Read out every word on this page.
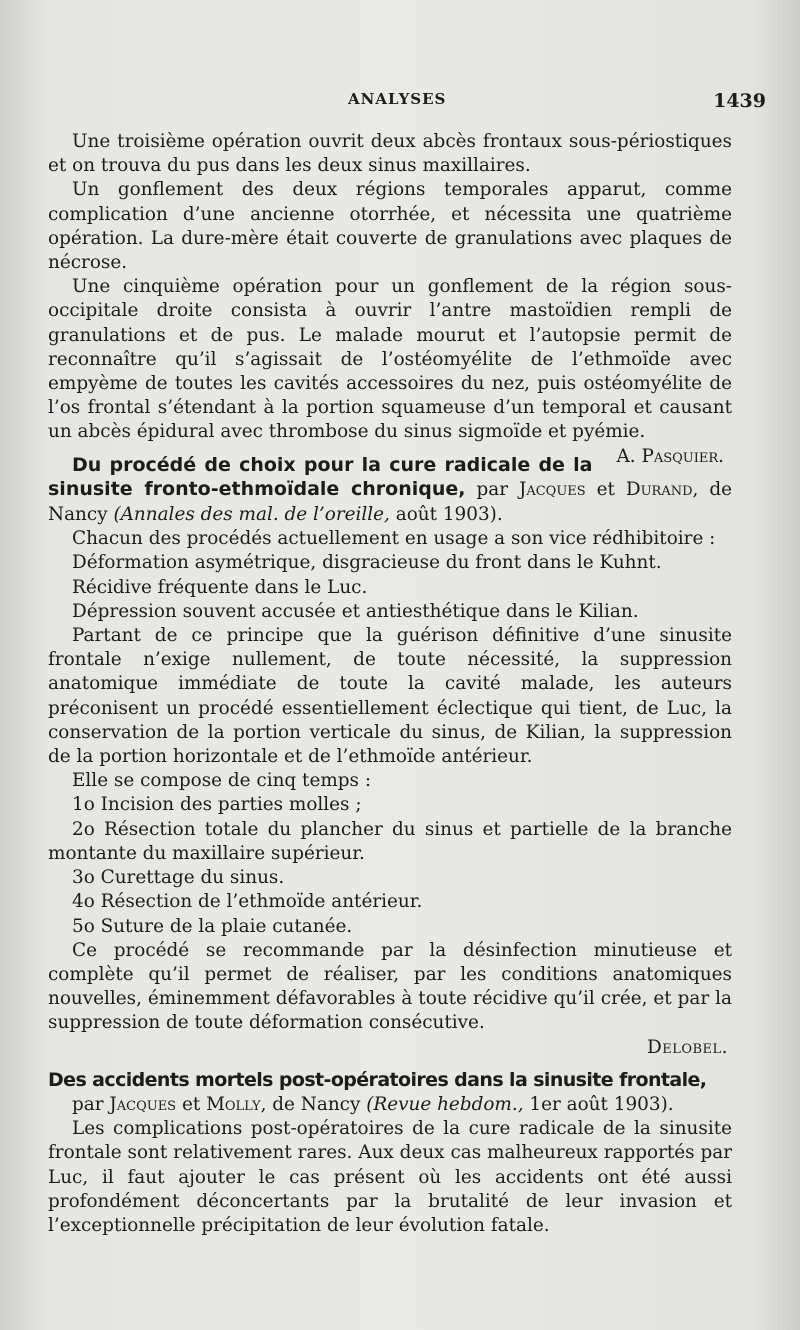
ANALYSES	1439

Une troisième opération ouvrit deux abcès frontaux sous-périostiques et on trouva du pus dans les deux sinus maxillaires.

Un gonflement des deux régions temporales apparut, comme complication d’une ancienne otorrhée, et nécessita une quatrième opération. La dure-mère était couverte de granulations avec plaques de nécrose.

Une cinquième opération pour un gonflement de la région sous-occipitale droite consista à ouvrir l’antre mastoïdien rempli de granulations et de pus. Le malade mourut et l’autopsie permit de reconnaître qu’il s’agissait de l’ostéomyélite de l’ethmoïde avec empyème de toutes les cavités accessoires du nez, puis ostéomyélite de l’os frontal s’étendant à la portion squameuse d’un temporal et causant un abcès épidural avec thrombose du sinus sigmoïde et pyémie.
A. Pasquier.

Du procédé de choix pour la cure radicale de la sinusite fronto-ethmoïdale chronique, par Jacques et Durand, de Nancy (Annales des mal. de l’oreille, août 1903).

Chacun des procédés actuellement en usage a son vice rédhibitoire :

Déformation asymétrique, disgracieuse du front dans le Kuhnt.

Récidive fréquente dans le Luc.

Dépression souvent accusée et antiesthétique dans le Kilian.

Partant de ce principe que la guérison définitive d’une sinusite frontale n’exige nullement, de toute nécessité, la suppression anatomique immédiate de toute la cavité malade, les auteurs préconisent un procédé essentiellement éclectique qui tient, de Luc, la conservation de la portion verticale du sinus, de Kilian, la suppression de la portion horizontale et de l’ethmoïde antérieur.

Elle se compose de cinq temps :

1o Incision des parties molles ;

2o Résection totale du plancher du sinus et partielle de la branche montante du maxillaire supérieur.

3o Curettage du sinus.

4o Résection de l’ethmoïde antérieur.

5o Suture de la plaie cutanée.

Ce procédé se recommande par la désinfection minutieuse et complète qu’il permet de réaliser, par les conditions anatomiques nouvelles, éminemment défavorables à toute récidive qu’il crée, et par la suppression de toute déformation consécutive.

Delobel.

Des accidents mortels post-opératoires dans la sinusite frontale,

par Jacques et Molly, de Nancy (Revue hebdom., 1er août 1903).

Les complications post-opératoires de la cure radicale de la sinusite frontale sont relativement rares. Aux deux cas malheureux rapportés par Luc, il faut ajouter le cas présent où les accidents ont été aussi profondément déconcertants par la brutalité de leur invasion et l’exceptionnelle précipitation de leur évolution fatale.
